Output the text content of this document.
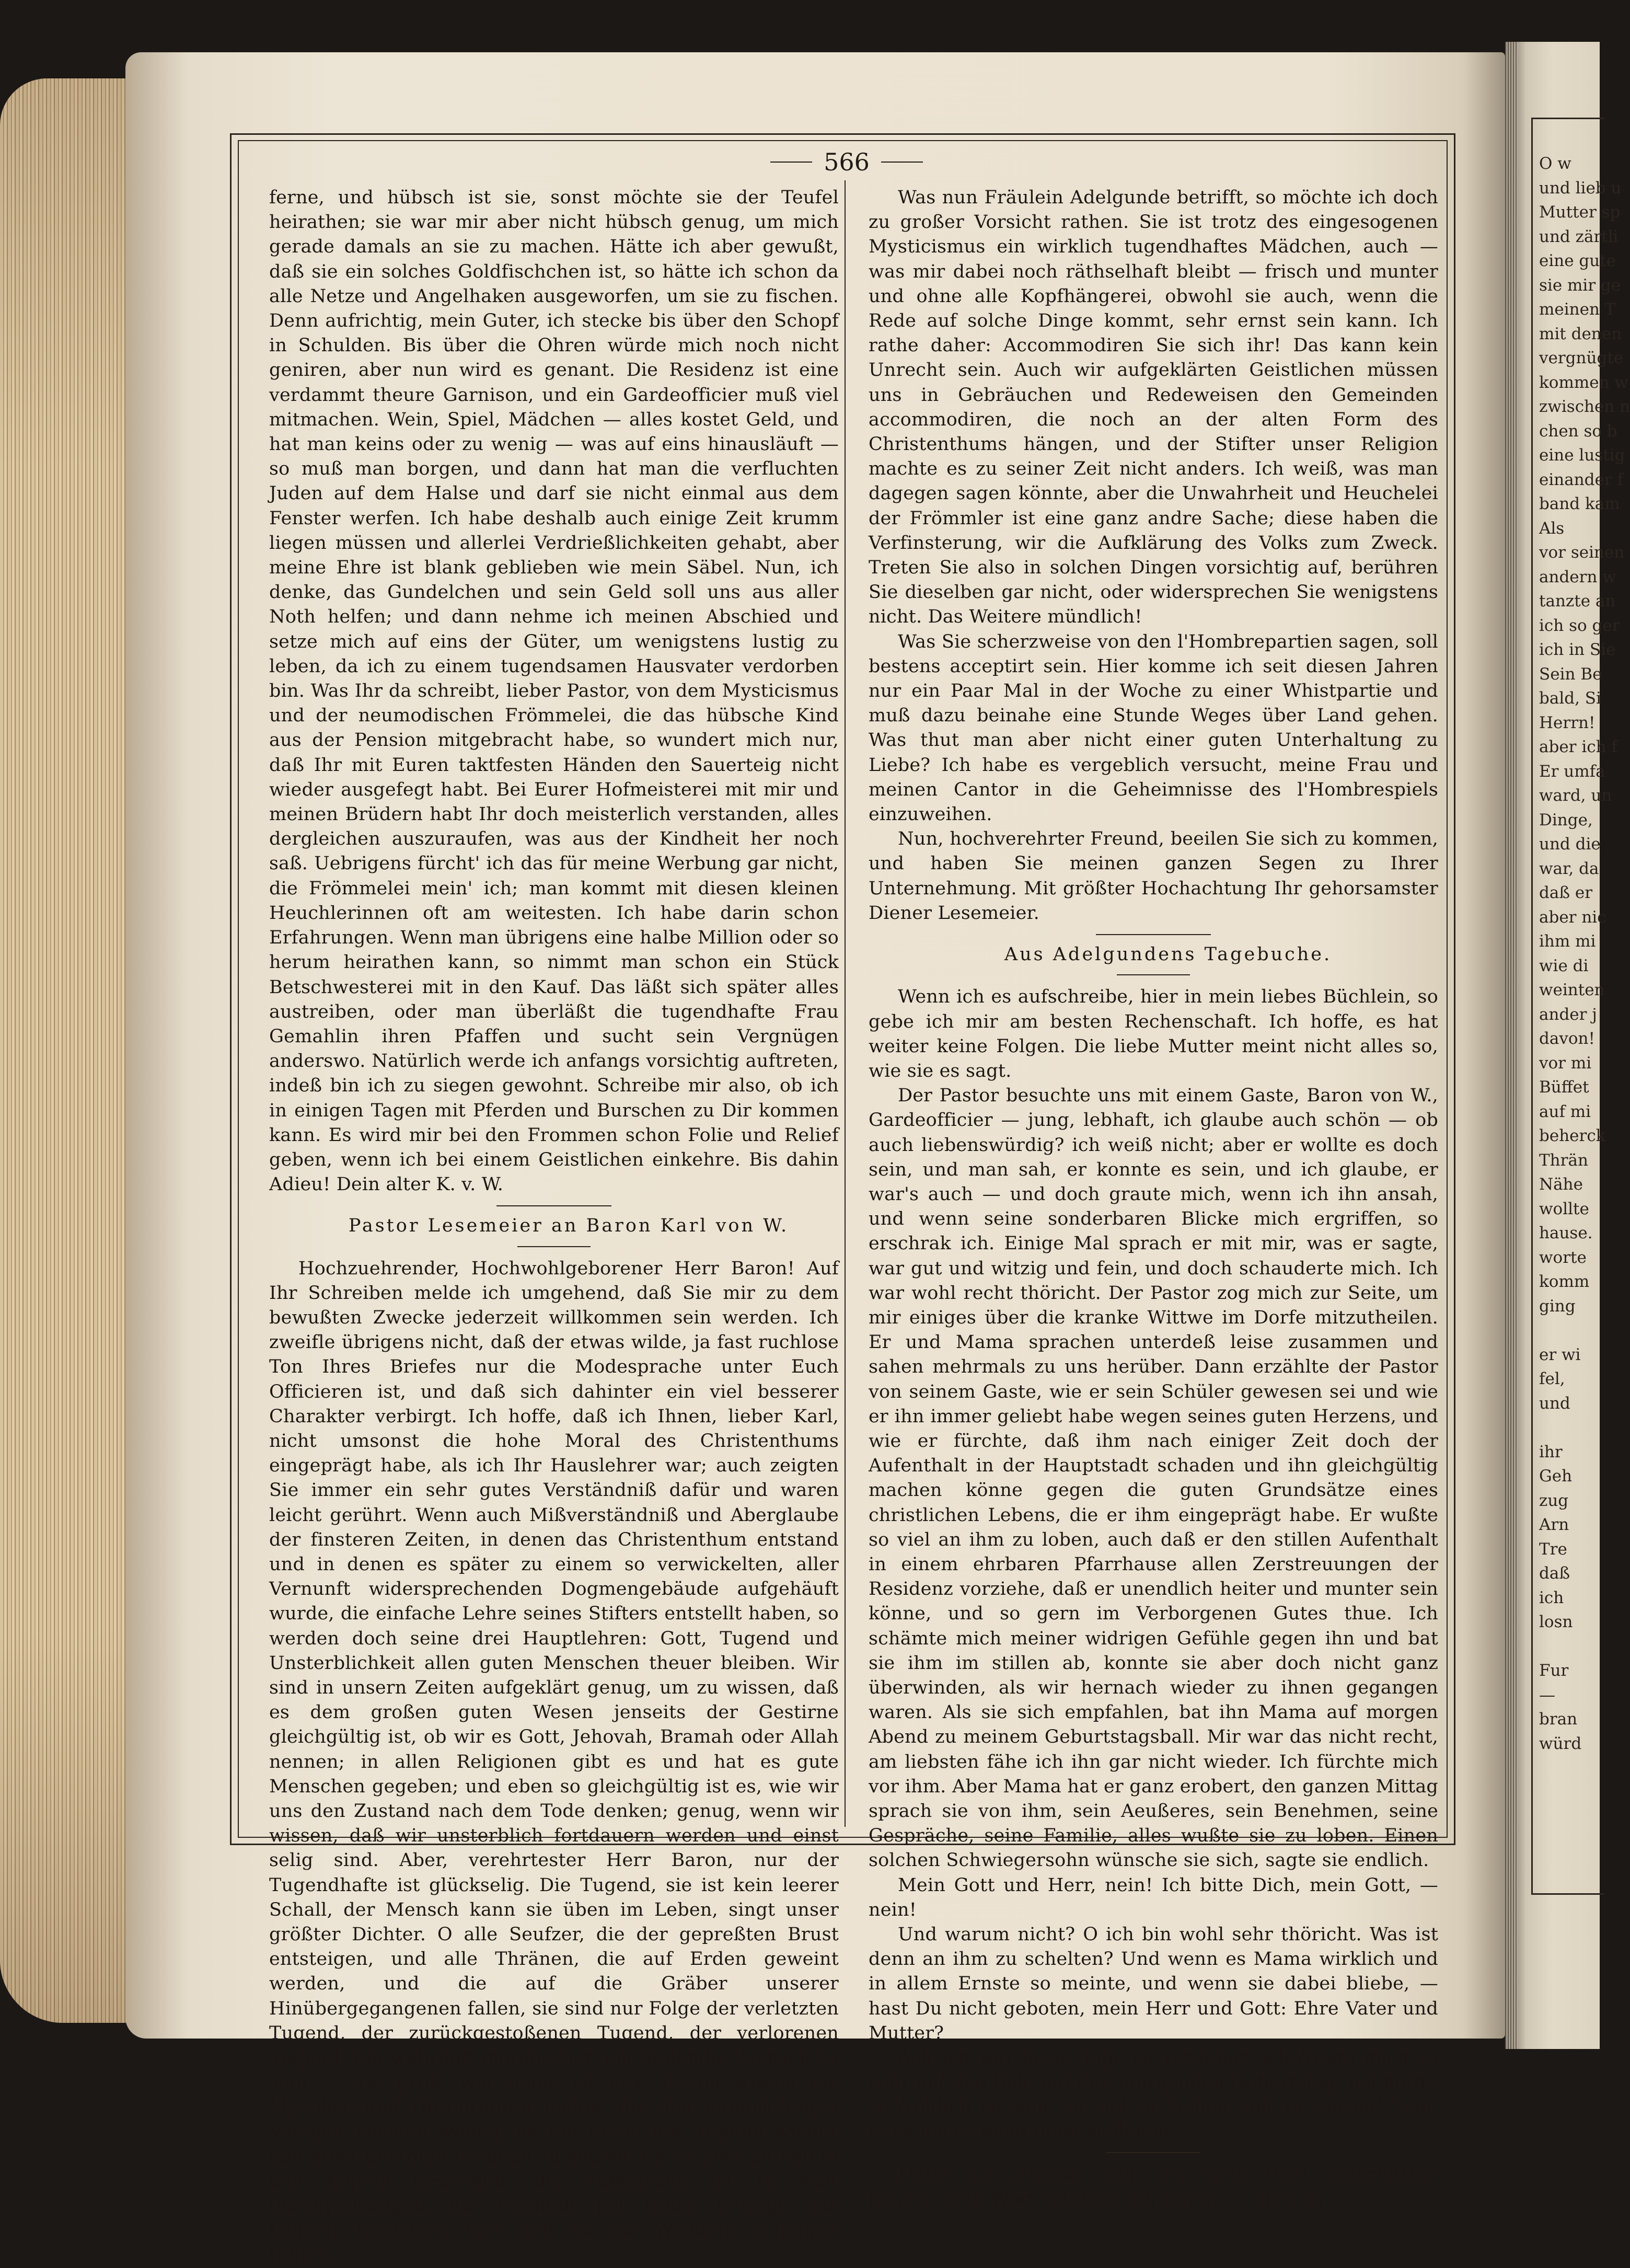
O w
und lieb u
Mutter sp
und zärtli
eine gute
sie mir ge
meinen T
mit denen
vergnügte
kommen w
zwischen n
chen so b
eine lustig
einander f
band kam
Als
vor seinen
andern w
tanzte an
ich so ger
ich in Sie
Sein Be
bald, Si
Herrn!
aber ich f
Er umfa
ward, un
Dinge,
und die
war, da
daß er
aber nic
ihm mi
wie di
weinten
ander j
davon!
vor mi
Büffet
auf mi
beherck
Thrän
Nähe
wollte
hause.
worte
komm
ging
er wi
fel,
und
ihr
Geh
zug
Arn
Tre
daß
ich
losn
Fur
—
bran
würd
566

ferne, und hübsch ist sie, sonst möchte sie der Teufel heirathen; sie war mir aber nicht hübsch genug, um mich gerade damals an sie zu machen. Hätte ich aber gewußt, daß sie ein solches Goldfischchen ist, so hätte ich schon da alle Netze und Angelhaken ausgeworfen, um sie zu fischen. Denn aufrichtig, mein Guter, ich stecke bis über den Schopf in Schulden. Bis über die Ohren würde mich noch nicht geniren, aber nun wird es genant. Die Residenz ist eine verdammt theure Garnison, und ein Gardeofficier muß viel mitmachen. Wein, Spiel, Mädchen — alles kostet Geld, und hat man keins oder zu wenig — was auf eins hinausläuft — so muß man borgen, und dann hat man die verfluchten Juden auf dem Halse und darf sie nicht einmal aus dem Fenster werfen. Ich habe deshalb auch einige Zeit krumm liegen müssen und allerlei Verdrießlichkeiten gehabt, aber meine Ehre ist blank geblieben wie mein Säbel. Nun, ich denke, das Gundelchen und sein Geld soll uns aus aller Noth helfen; und dann nehme ich meinen Abschied und setze mich auf eins der Güter, um wenigstens lustig zu leben, da ich zu einem tugendsamen Hausvater verdorben bin. Was Ihr da schreibt, lieber Pastor, von dem Mysticismus und der neumodischen Frömmelei, die das hübsche Kind aus der Pension mitgebracht habe, so wundert mich nur, daß Ihr mit Euren taktfesten Händen den Sauerteig nicht wieder ausgefegt habt. Bei Eurer Hofmeisterei mit mir und meinen Brüdern habt Ihr doch meisterlich verstanden, alles dergleichen auszuraufen, was aus der Kindheit her noch saß. Uebrigens fürcht' ich das für meine Werbung gar nicht, die Frömmelei mein' ich; man kommt mit diesen kleinen Heuchlerinnen oft am weitesten. Ich habe darin schon Erfahrungen. Wenn man übrigens eine halbe Million oder so herum heirathen kann, so nimmt man schon ein Stück Betschwesterei mit in den Kauf. Das läßt sich später alles austreiben, oder man überläßt die tugendhafte Frau Gemahlin ihren Pfaffen und sucht sein Vergnügen anderswo. Natürlich werde ich anfangs vorsichtig auftreten, indeß bin ich zu siegen gewohnt. Schreibe mir also, ob ich in einigen Tagen mit Pferden und Burschen zu Dir kommen kann. Es wird mir bei den Frommen schon Folie und Relief geben, wenn ich bei einem Geistlichen einkehre. Bis dahin Adieu! Dein alter K. v. W.

Pastor Lesemeier an Baron Karl von W.

Hochzuehrender, Hochwohlgeborener Herr Baron! Auf Ihr Schreiben melde ich umgehend, daß Sie mir zu dem bewußten Zwecke jederzeit willkommen sein werden. Ich zweifle übrigens nicht, daß der etwas wilde, ja fast ruchlose Ton Ihres Briefes nur die Modesprache unter Euch Officieren ist, und daß sich dahinter ein viel besserer Charakter verbirgt. Ich hoffe, daß ich Ihnen, lieber Karl, nicht umsonst die hohe Moral des Christenthums eingeprägt habe, als ich Ihr Hauslehrer war; auch zeigten Sie immer ein sehr gutes Verständniß dafür und waren leicht gerührt. Wenn auch Mißverständniß und Aberglaube der finsteren Zeiten, in denen das Christenthum entstand und in denen es später zu einem so verwickelten, aller Vernunft widersprechenden Dogmengebäude aufgehäuft wurde, die einfache Lehre seines Stifters entstellt haben, so werden doch seine drei Hauptlehren: Gott, Tugend und Unsterblichkeit allen guten Menschen theuer bleiben. Wir sind in unsern Zeiten aufgeklärt genug, um zu wissen, daß es dem großen guten Wesen jenseits der Gestirne gleichgültig ist, ob wir es Gott, Jehovah, Bramah oder Allah nennen; in allen Religionen gibt es und hat es gute Menschen gegeben; und eben so gleichgültig ist es, wie wir uns den Zustand nach dem Tode denken; genug, wenn wir wissen, daß wir unsterblich fortdauern werden und einst selig sind. Aber, verehrtester Herr Baron, nur der Tugendhafte ist glückselig. Die Tugend, sie ist kein leerer Schall, der Mensch kann sie üben im Leben, singt unser größter Dichter. O alle Seufzer, die der gepreßten Brust entsteigen, und alle Thränen, die auf Erden geweint werden, und die auf die Gräber unserer Hinübergegangenen fallen, sie sind nur Folge der verletzten Tugend, der zurückgestoßenen Tugend, der verlorenen Tugend. Ein wahrhaft moralischer, ein fühlender Mensch zu sein — wie groß, wie schön ist das! Davon wissen die Mystiker und Obscuranten nichts, die den ohnmächtigen Versuch machen wollen, an die Stelle der Tugend wieder den alten dumpfen Glauben zu setzen. Es ist aber zu hell in den Köpfen geworden, die Aufklärung ist zu weit durchgedrungen, die Vernunft hat schon gesiegt. Sie können höchstens hier und da die Weiblein gefangen führen.

Was nun Fräulein Adelgunde betrifft, so möchte ich doch zu großer Vorsicht rathen. Sie ist trotz des eingesogenen Mysticismus ein wirklich tugendhaftes Mädchen, auch — was mir dabei noch räthselhaft bleibt — frisch und munter und ohne alle Kopfhängerei, obwohl sie auch, wenn die Rede auf solche Dinge kommt, sehr ernst sein kann. Ich rathe daher: Accommodiren Sie sich ihr! Das kann kein Unrecht sein. Auch wir aufgeklärten Geistlichen müssen uns in Gebräuchen und Redeweisen den Gemeinden accommodiren, die noch an der alten Form des Christenthums hängen, und der Stifter unser Religion machte es zu seiner Zeit nicht anders. Ich weiß, was man dagegen sagen könnte, aber die Unwahrheit und Heuchelei der Frömmler ist eine ganz andre Sache; diese haben die Verfinsterung, wir die Aufklärung des Volks zum Zweck. Treten Sie also in solchen Dingen vorsichtig auf, berühren Sie dieselben gar nicht, oder widersprechen Sie wenigstens nicht. Das Weitere mündlich!

Was Sie scherzweise von den l'Hombrepartien sagen, soll bestens acceptirt sein. Hier komme ich seit diesen Jahren nur ein Paar Mal in der Woche zu einer Whistpartie und muß dazu beinahe eine Stunde Weges über Land gehen. Was thut man aber nicht einer guten Unterhaltung zu Liebe? Ich habe es vergeblich versucht, meine Frau und meinen Cantor in die Geheimnisse des l'Hombrespiels einzuweihen.

Nun, hochverehrter Freund, beeilen Sie sich zu kommen, und haben Sie meinen ganzen Segen zu Ihrer Unternehmung. Mit größter Hochachtung Ihr gehorsamster Diener Lesemeier.

Aus Adelgundens Tagebuche.

Wenn ich es aufschreibe, hier in mein liebes Büchlein, so gebe ich mir am besten Rechenschaft. Ich hoffe, es hat weiter keine Folgen. Die liebe Mutter meint nicht alles so, wie sie es sagt.

Der Pastor besuchte uns mit einem Gaste, Baron von W., Gardeofficier — jung, lebhaft, ich glaube auch schön — ob auch liebenswürdig? ich weiß nicht; aber er wollte es doch sein, und man sah, er konnte es sein, und ich glaube, er war's auch — und doch graute mich, wenn ich ihn ansah, und wenn seine sonderbaren Blicke mich ergriffen, so erschrak ich. Einige Mal sprach er mit mir, was er sagte, war gut und witzig und fein, und doch schauderte mich. Ich war wohl recht thöricht. Der Pastor zog mich zur Seite, um mir einiges über die kranke Wittwe im Dorfe mitzutheilen. Er und Mama sprachen unterdeß leise zusammen und sahen mehrmals zu uns herüber. Dann erzählte der Pastor von seinem Gaste, wie er sein Schüler gewesen sei und wie er ihn immer geliebt habe wegen seines guten Herzens, und wie er fürchte, daß ihm nach einiger Zeit doch der Aufenthalt in der Hauptstadt schaden und ihn gleichgültig machen könne gegen die guten Grundsätze eines christlichen Lebens, die er ihm eingeprägt habe. Er wußte so viel an ihm zu loben, auch daß er den stillen Aufenthalt in einem ehrbaren Pfarrhause allen Zerstreuungen der Residenz vorziehe, daß er unendlich heiter und munter sein könne, und so gern im Verborgenen Gutes thue. Ich schämte mich meiner widrigen Gefühle gegen ihn und bat sie ihm im stillen ab, konnte sie aber doch nicht ganz überwinden, als wir hernach wieder zu ihnen gegangen waren. Als sie sich empfahlen, bat ihn Mama auf morgen Abend zu meinem Geburtstagsball. Mir war das nicht recht, am liebsten fähe ich ihn gar nicht wieder. Ich fürchte mich vor ihm. Aber Mama hat er ganz erobert, den ganzen Mittag sprach sie von ihm, sein Aeußeres, sein Benehmen, seine Gespräche, seine Familie, alles wußte sie zu loben. Einen solchen Schwiegersohn wünsche sie sich, sagte sie endlich.

Mein Gott und Herr, nein! Ich bitte Dich, mein Gott, — nein!

Und warum nicht? O ich bin wohl sehr thöricht. Was ist denn an ihm zu schelten? Und wenn es Mama wirklich und in allem Ernste so meinte, und wenn sie dabei bliebe, — hast Du nicht geboten, mein Herr und Gott: Ehre Vater und Mutter?

Ach ich war diese Tage so vergnügt, ich freute mich so sehr auf den Ball, auf den morgenden Geburtstag, ich hoffte so fröhlich zu sein, so viel zu lachen und zu tanzen! Nun, kann ich es nicht doch vielleicht?

Hätte ich jemand, dem ich mein Herz ausschütten könnte, kein Wort schriebe ich davon, — aber so —
